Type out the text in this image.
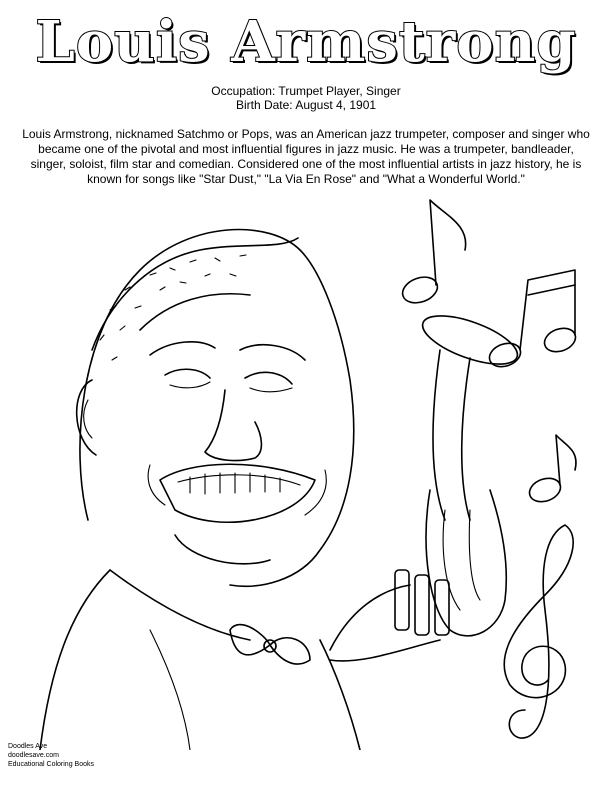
Louis Armstrong
Occupation: Trumpet Player, Singer
Birth Date: August 4, 1901
Louis Armstrong, nicknamed Satchmo or Pops, was an American jazz trumpeter, composer and singer who became one of the pivotal and most influential figures in jazz music. He was a trumpeter, bandleader, singer, soloist, film star and comedian. Considered one of the most influential artists in jazz history, he is known for songs like "Star Dust," "La Via En Rose" and "What a Wonderful World."
Doodles Ave
doodlesave.com
Educational Coloring Books
